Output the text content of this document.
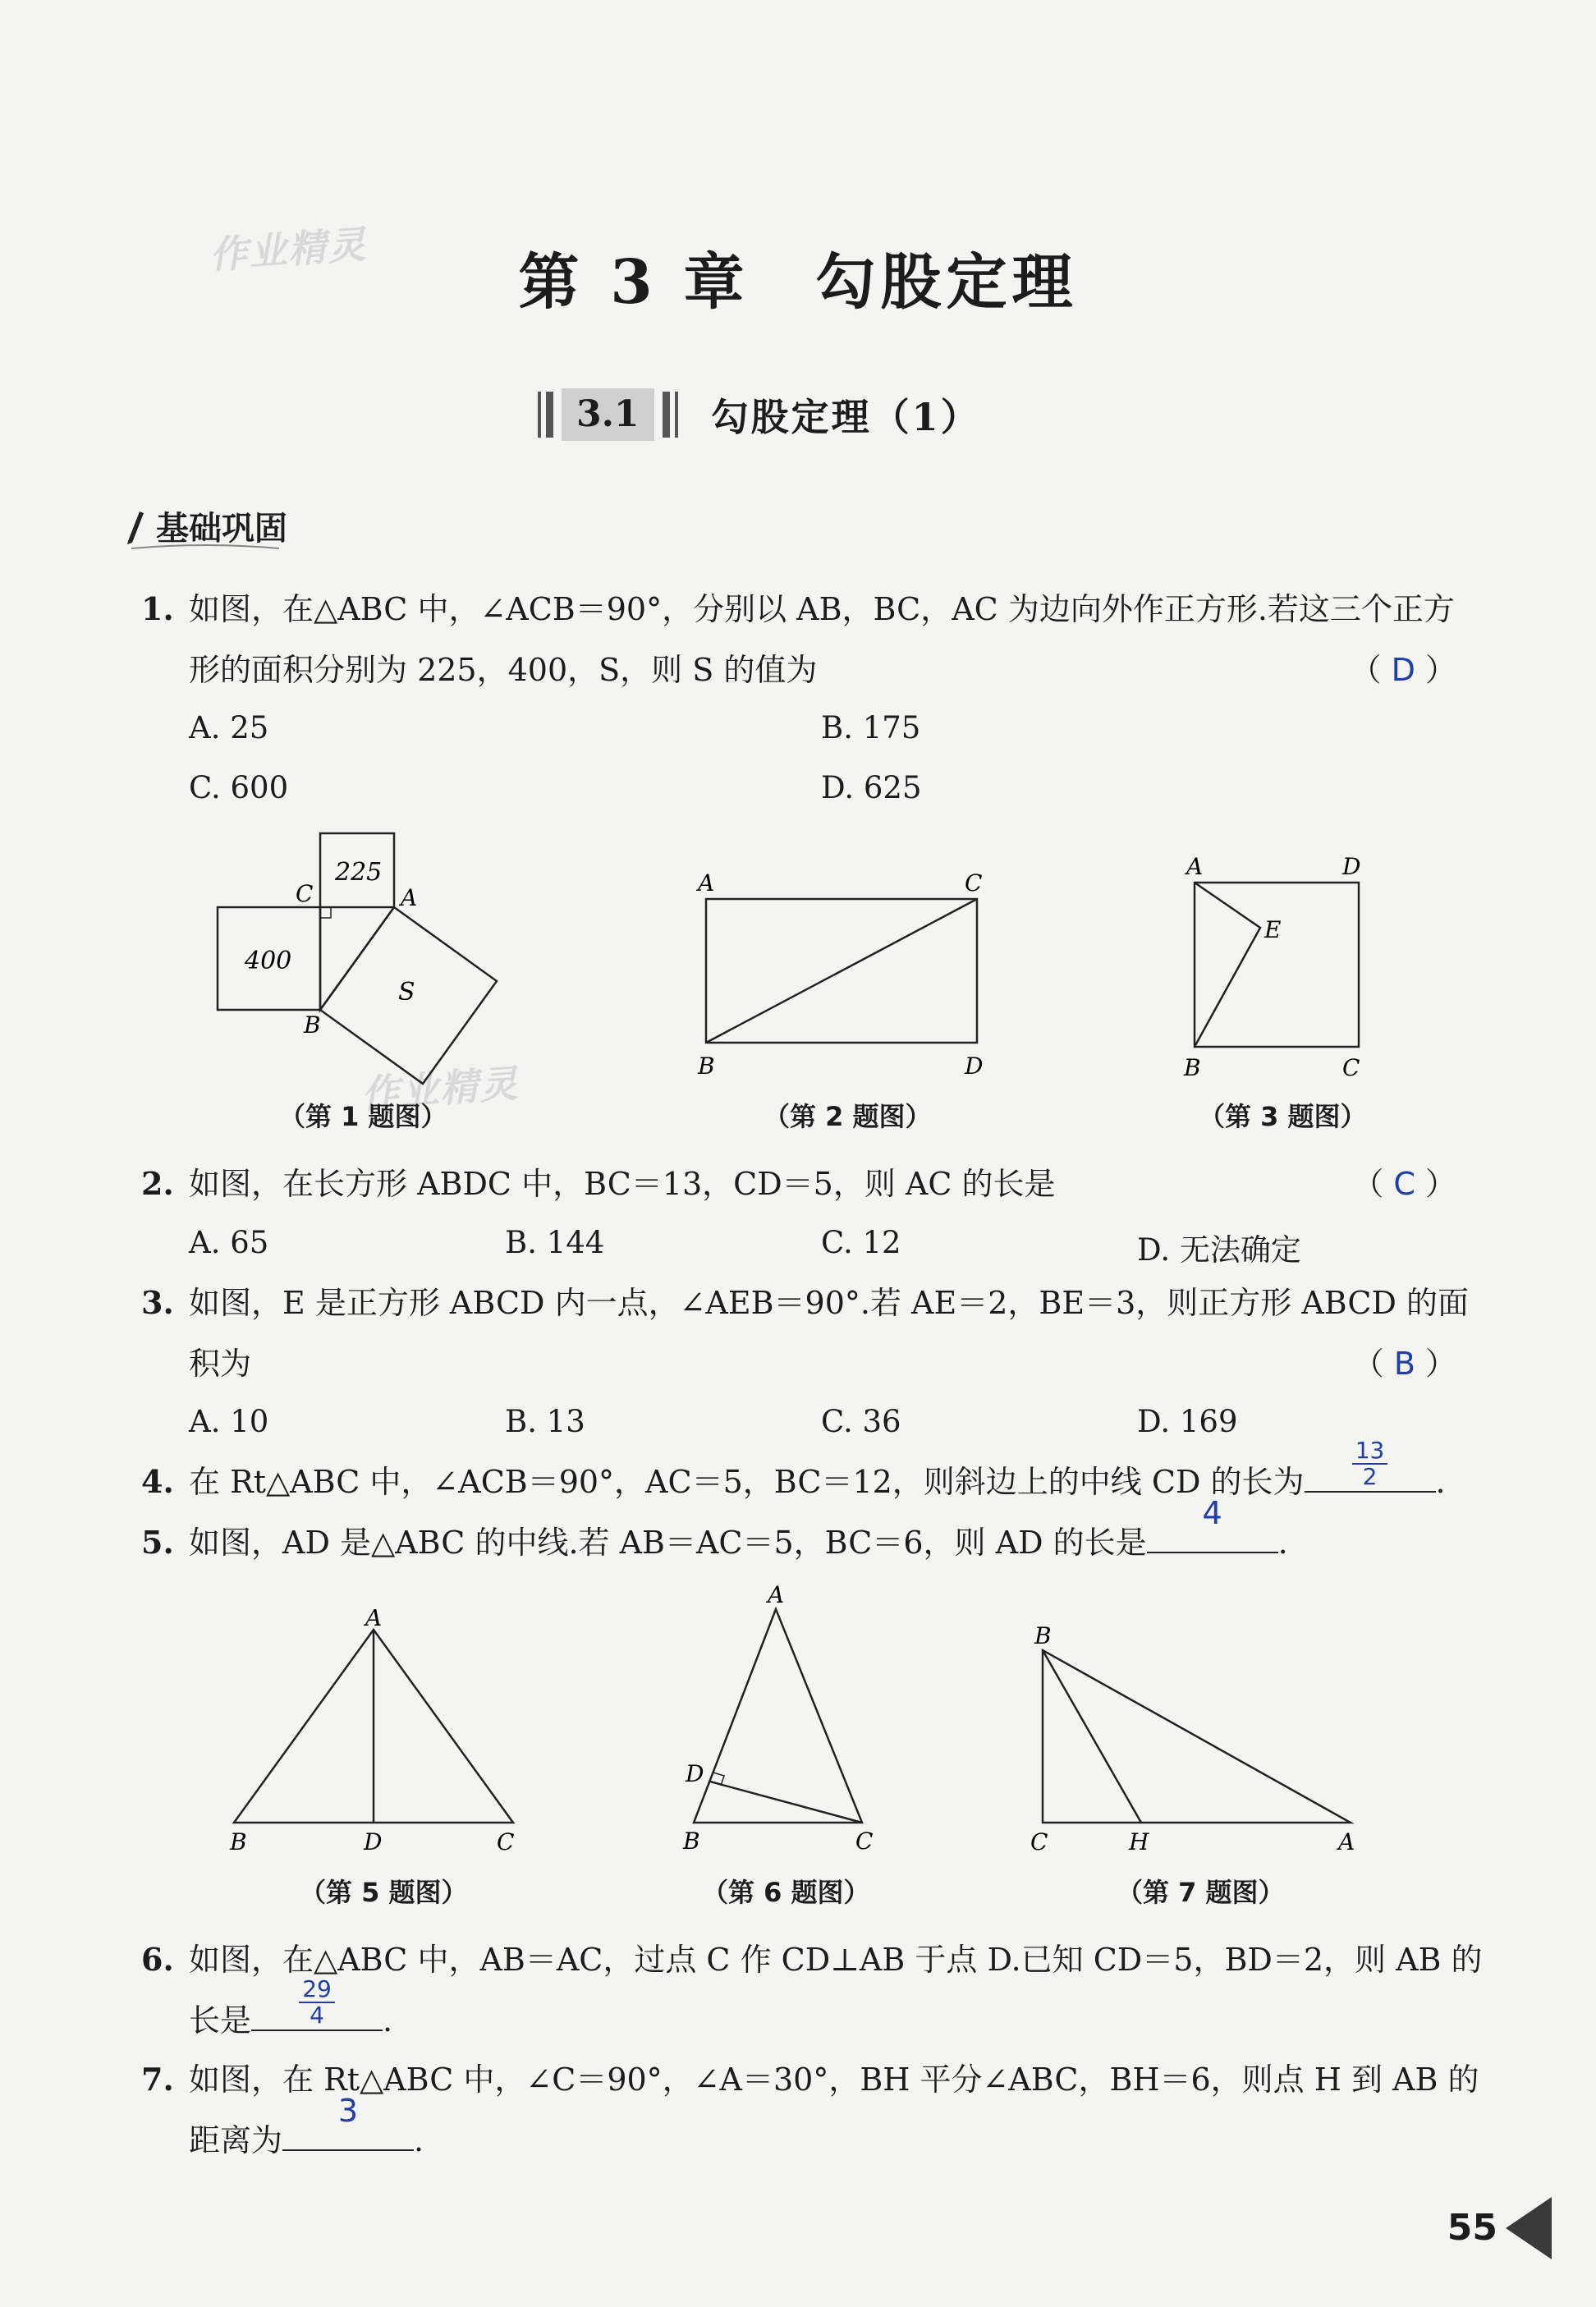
作业精灵
作业精灵
第 3 章　勾股定理
3.1	勾股定理（1）
基础巩固
1. 如图，在△ABC 中，∠ACB＝90°，分别以 AB，BC，AC 为边向外作正方形.若这三个正方
形的面积分别为 225，400，S，则 S 的值为	（ D ）
A. 25	B. 175
C. 600	D. 625
225
400
S
C	A
B
（第 1 题图）
A	C
B	D
（第 2 题图）
A	D
E
B	C
（第 3 题图）
2. 如图，在长方形 ABDC 中，BC＝13，CD＝5，则 AC 的长是	（ C ）
A. 65	B. 144	C. 12	D. 无法确定
3. 如图，E 是正方形 ABCD 内一点，∠AEB＝90°.若 AE＝2，BE＝3，则正方形 ABCD 的面
积为	（ B ）
A. 10	B. 13	C. 36	D. 169
4. 在 Rt△ABC 中，∠ACB＝90°，AC＝5，BC＝12，则斜边上的中线 CD 的长为 $\frac{13}{2}$ .
5. 如图，AD 是△ABC 的中线.若 AB＝AC＝5，BC＝6，则 AD 的长是
4
.
A
B	D	C
（第 5 题图）
A
D
B	C
（第 6 题图）
B
C	H	A
（第 7 题图）
6. 如图，在△ABC 中，AB＝AC，过点 C 作 CD⊥AB 于点 D.已知 CD＝5，BD＝2，则 AB 的
长是 $\frac{29}{4}$ .
7. 如图，在 Rt△ABC 中，∠C＝90°，∠A＝30°，BH 平分∠ABC，BH＝6，则点 H 到 AB 的
距离为
3
.
55
